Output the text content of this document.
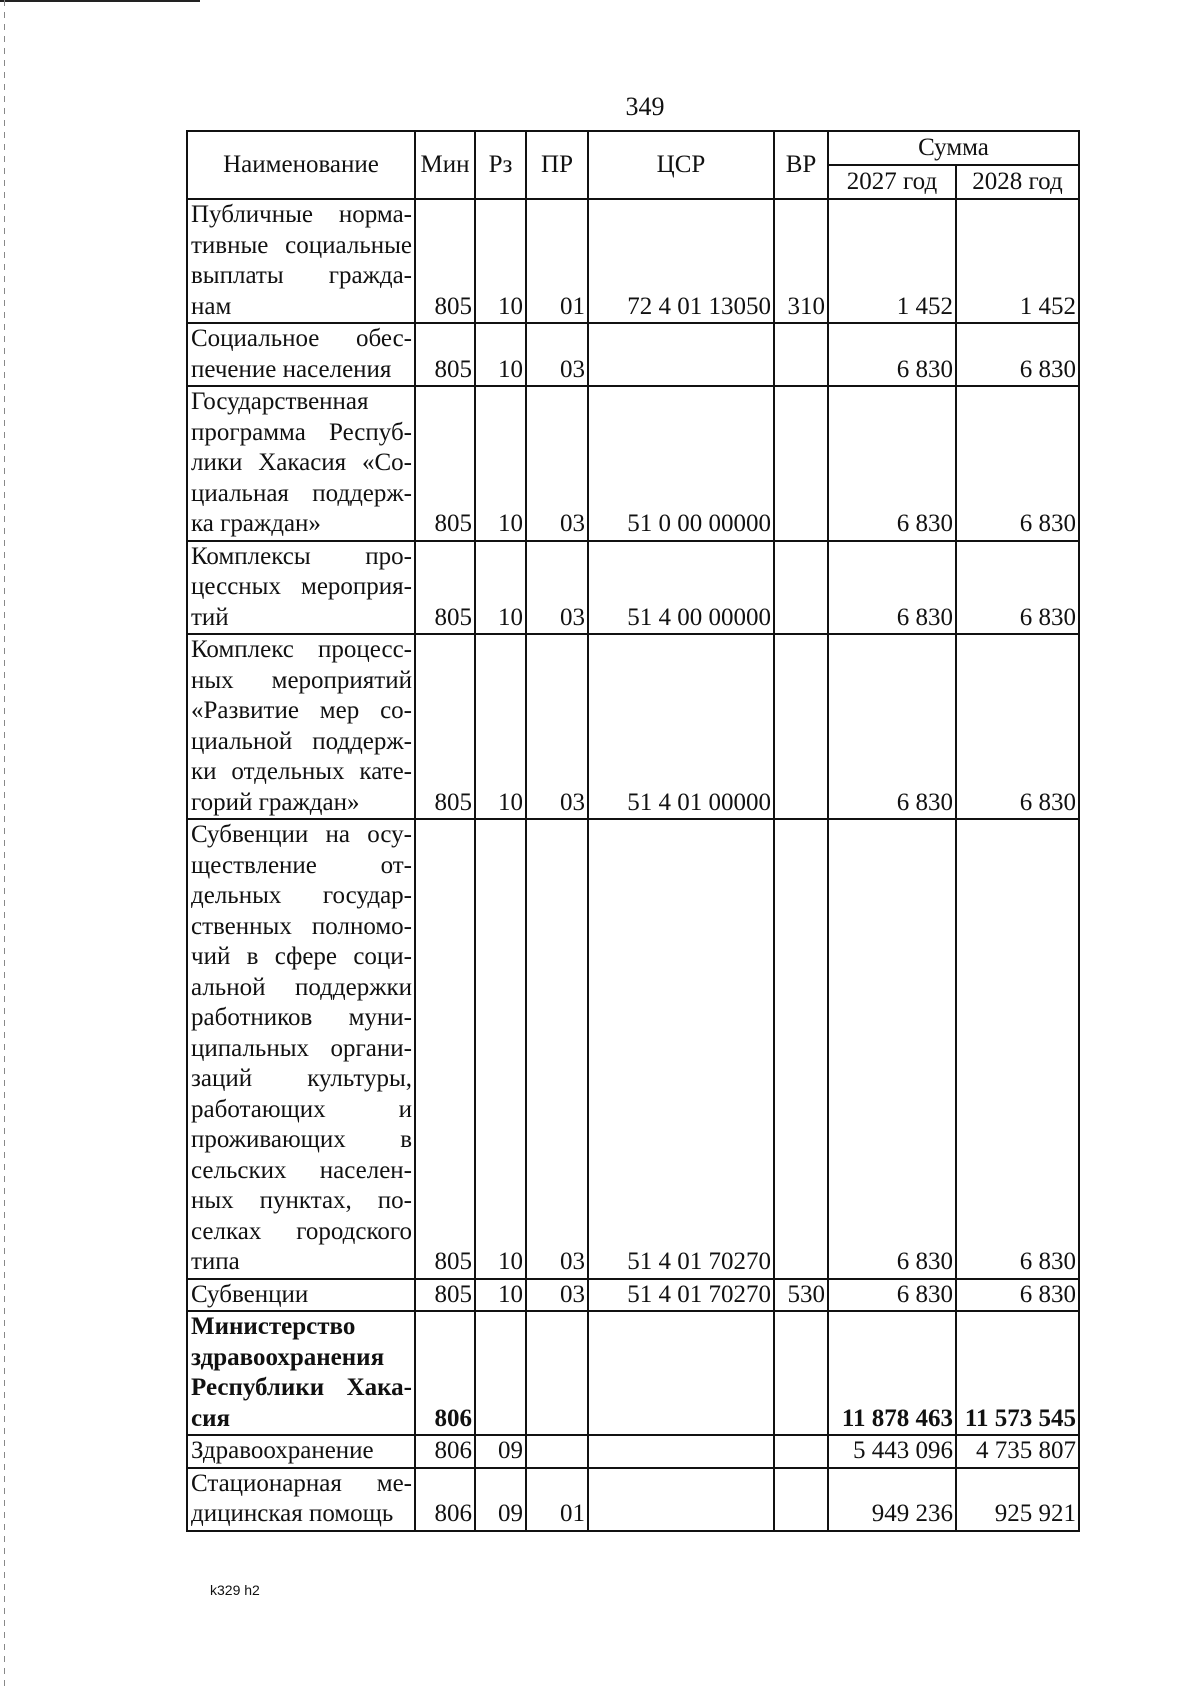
349
Наименование	Мин	Рз	ПР	ЦСР	ВР	Сумма	
						2027 год	2028 год
Публичные норма-тивные социальные выплаты гражда-нам	805	10	01	72 4 01 13050	310	1 452	1 452
Социальное обес-печение населения	805	10	03			6 830	6 830
Государственная программа Респуб-лики Хакасия «Со-циальная поддерж-ка граждан»	805	10	03	51 0 00 00000		6 830	6 830
Комплексы про-цессных мероприя-тий	805	10	03	51 4 00 00000		6 830	6 830
Комплекс процесс-ных мероприятий «Развитие мер со-циальной поддерж-ки отдельных кате-горий граждан»	805	10	03	51 4 01 00000		6 830	6 830
Субвенции на осу-ществление от-дельных государ-ственных полномо-чий в сфере соци-альной поддержки работников муни-ципальных органи-заций культуры, работающих и проживающих в сельских населен-ных пунктах, по-селках городского типа	805	10	03	51 4 01 70270		6 830	6 830
Субвенции	805	10	03	51 4 01 70270	530	6 830	6 830
Министерство здравоохранения Республики Хака-сия	806					11 878 463	11 573 545
Здравоохранение	806	09				5 443 096	4 735 807
Стационарная ме-дицинская помощь	806	09	01			949 236	925 921
k329 h2
